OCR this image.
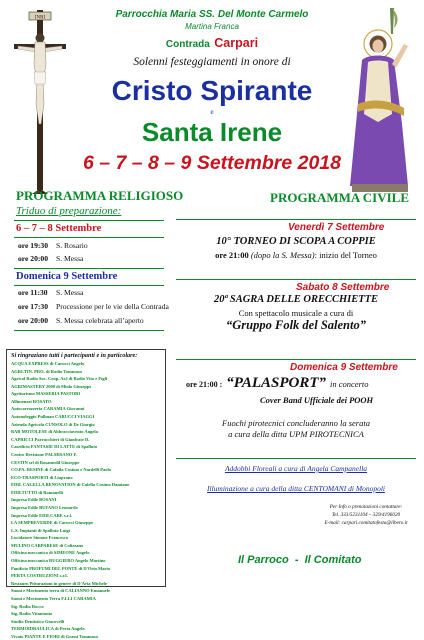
INRI	Parrocchia Maria SS. Del Monte Carmelo
Martina Franca
Contrada Carpari
Solenni festeggiamenti in onore di
Cristo Spirante
e
Santa Irene
6 – 7 – 8 – 9 Settembre 2018
PROGRAMMA RELIGIOSO
Triduo di preparazione:
6 – 7 – 8 Settembre
ore 19:30 S. Rosario
ore 20:00 S. Messa
Domenica 9 Settembre
ore 11:30 S. Messa
ore 17:30 Processione per le vie della Contrada
ore 20:00 S. Messa celebrata all’aperto
Si ringraziano tutti i partecipanti e in particolare:
ACQUA EXPRESS di Carucci Angelo
AGRI.TIN. PRO. di Rodio Tommaso
Agricol Rodio Soc. Coop. Ar.l di Rodio Vito e Figli
AGRIMASTERY 2000 di Miolo Giuseppe
Agriturismo MASSERIA PASTORI
Allimenari ROSATO
Autocarrozzeria CARAMIA Giovanni
Autonoleggio Pullman CARUCCI VIAGGI
Azienda Agricola CUNSOLO di De Giorgio
BAR MOTOLESE di Abbracciavento Angela
CAPRICCI Parrucchieri di Gianfrate D.
Caseificio FANTASIE DI LATTE di Spalluto
Centro Revisione PALMISANO F.
CESTIN srl di Rosamedil Giuseppe
CO.PA. RESINE di Cafaila Cosimo e Nardelli Paolo
ECO-TRASPORTI di Liuprano
EDIL CALELLA RENOVATION di Calella Cosimo Damiano
EDILTUTTO di Romanelli
Impresa Edile BOSANI
Impresa Edile BUFANO Leonardo
Impresa Edile EDILCARE s.r.l.
LA SEMPREVERDE di Carucci Giuseppe
L.S. Impianti di Spalluto Luigi
Lucidatore Simone Francesco
MULINO CARPARESE di Colizzano
Officina meccanica di SIMEONE Angelo
Officina meccanica RUGGIERO Angelo Martino
Panificio PROFUMI DEL PONTE di D'Oria Mario
PERTA COSTRUZIONI s.r.l.
Restauro Pitturazioni in genere di D'Aria Michele
Suoni e Movimento terra di CALIANNO Emanuele
Suoni e Movimento Terra F.LLI CARAMIA
Sig. Rodio Rocco
Sig. Rodio Vitantonio
Studio Dentistico Giacovelli
TERMOIDRAULICA di Perta Angelo
Vivaio PIANTE E FIORI di Grassi Tommaso
PROGRAMMA CIVILE
Venerdì 7 Settembre
10° TORNEO DI SCOPA A COPPIE
ore 21:00 (dopo la S. Messa): inizio del Torneo
Sabato 8 Settembre
20ª SAGRA DELLE ORECCHIETTE
Con spettacolo musicale a cura di
“Gruppo Folk del Salento”
Domenica 9 Settembre
ore 21:00 : “PALASPORT” in concerto
Cover Band Ufficiale dei POOH
Fuochi pirotecnici concluderanno la serata
a cura della ditta UPM PIROTECNICA
Addobbi Floreali a cura di Angela Campanella
Illuminazione a cura della ditta CENTOMANI di Monopoli
Per Info o prenotazioni contattare:
Tel. 333/5231104 – 329/4196020
E-mail: carpari.comitatofesta@libero.it
Il Parroco  -  Il Comitato
